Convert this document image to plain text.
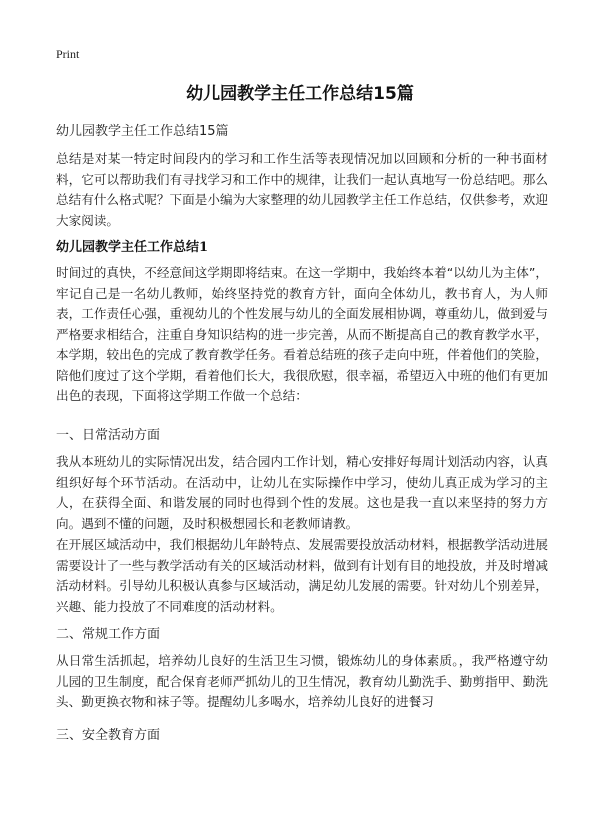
Print
幼儿园教学主任工作总结15篇
幼儿园教学主任工作总结15篇
总结是对某一特定时间段内的学习和工作生活等表现情况加以回顾和分析的一种书面材料，它可以帮助我们有寻找学习和工作中的规律，让我们一起认真地写一份总结吧。那么总结有什么格式呢？下面是小编为大家整理的幼儿园教学主任工作总结，仅供参考，欢迎大家阅读。
幼儿园教学主任工作总结1
时间过的真快，不经意间这学期即将结束。在这一学期中，我始终本着“以幼儿为主体”，牢记自己是一名幼儿教师，始终坚持党的教育方针，面向全体幼儿，教书育人，为人师表，工作责任心强，重视幼儿的个性发展与幼儿的全面发展相协调，尊重幼儿，做到爱与严格要求相结合，注重自身知识结构的进一步完善，从而不断提高自己的教育教学水平，本学期，较出色的完成了教育教学任务。看着总结班的孩子走向中班，伴着他们的笑脸，陪他们度过了这个学期，看着他们长大，我很欣慰，很幸福，希望迈入中班的他们有更加出色的表现，下面将这学期工作做一个总结：
一、日常活动方面
我从本班幼儿的实际情况出发，结合园内工作计划，精心安排好每周计划活动内容，认真组织好每个环节活动。在活动中，让幼儿在实际操作中学习，使幼儿真正成为学习的主人，在获得全面、和谐发展的同时也得到个性的发展。这也是我一直以来坚持的努力方向。遇到不懂的问题，及时积极想园长和老教师请教。
在开展区域活动中，我们根据幼儿年龄特点、发展需要投放活动材料，根据教学活动进展需要设计了一些与教学活动有关的区域活动材料，做到有计划有目的地投放，并及时增减活动材料。引导幼儿积极认真参与区域活动，满足幼儿发展的需要。针对幼儿个别差异，兴趣、能力投放了不同难度的活动材料。
二、常规工作方面
从日常生活抓起，培养幼儿良好的生活卫生习惯，锻炼幼儿的身体素质。，我严格遵守幼儿园的卫生制度，配合保育老师严抓幼儿的卫生情况，教育幼儿勤洗手、勤剪指甲、勤洗头、勤更换衣物和袜子等。提醒幼儿多喝水，培养幼儿良好的进餐习
三、安全教育方面
